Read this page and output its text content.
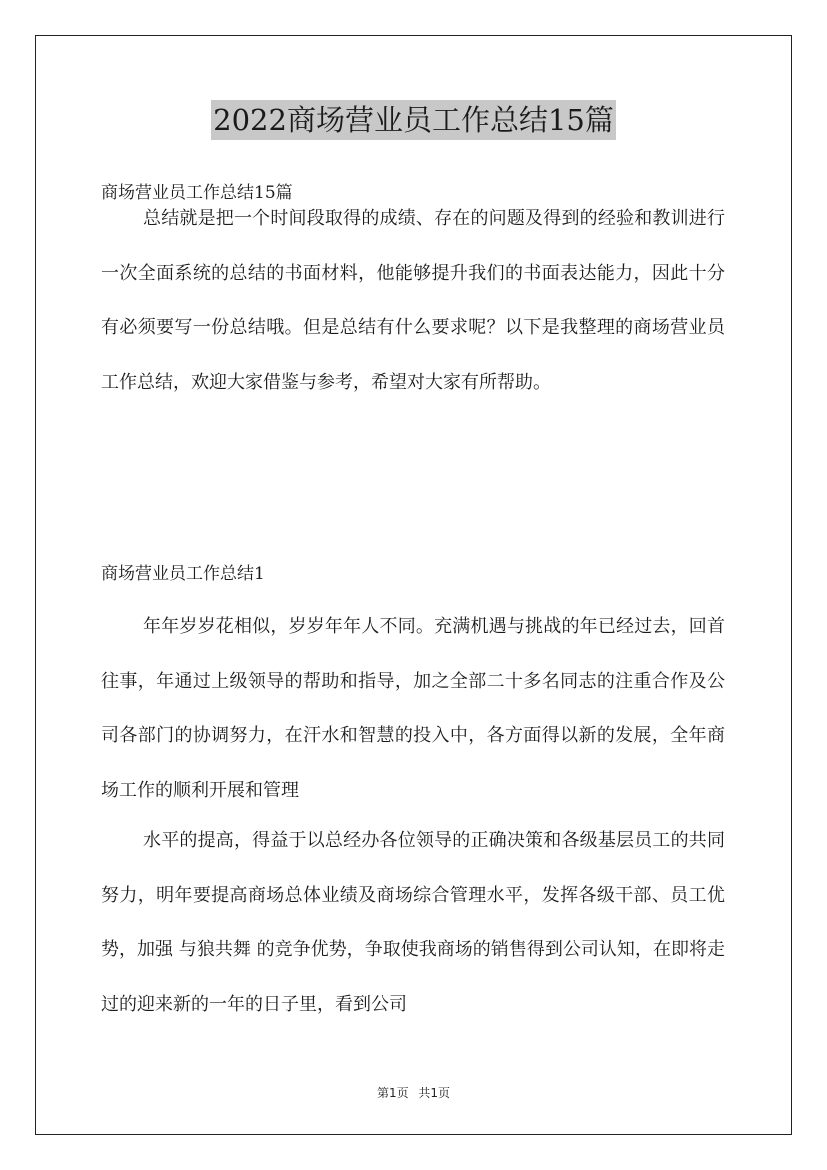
2022商场营业员工作总结15篇
商场营业员工作总结15篇

总结就是把一个时间段取得的成绩、存在的问题及得到的经验和教训进行一次全面系统的总结的书面材料，他能够提升我们的书面表达能力，因此十分有必须要写一份总结哦。但是总结有什么要求呢？以下是我整理的商场营业员工作总结，欢迎大家借鉴与参考，希望对大家有所帮助。

商场营业员工作总结1

年年岁岁花相似，岁岁年年人不同。充满机遇与挑战的年已经过去，回首往事，年通过上级领导的帮助和指导，加之全部二十多名同志的注重合作及公司各部门的协调努力，在汗水和智慧的投入中，各方面得以新的发展，全年商场工作的顺利开展和管理

水平的提高，得益于以总经办各位领导的正确决策和各级基层员工的共同努力，明年要提高商场总体业绩及商场综合管理水平，发挥各级干部、员工优势，加强 与狼共舞 的竞争优势，争取使我商场的销售得到公司认知，在即将走过的迎来新的一年的日子里，看到公司

第1页 共1页
